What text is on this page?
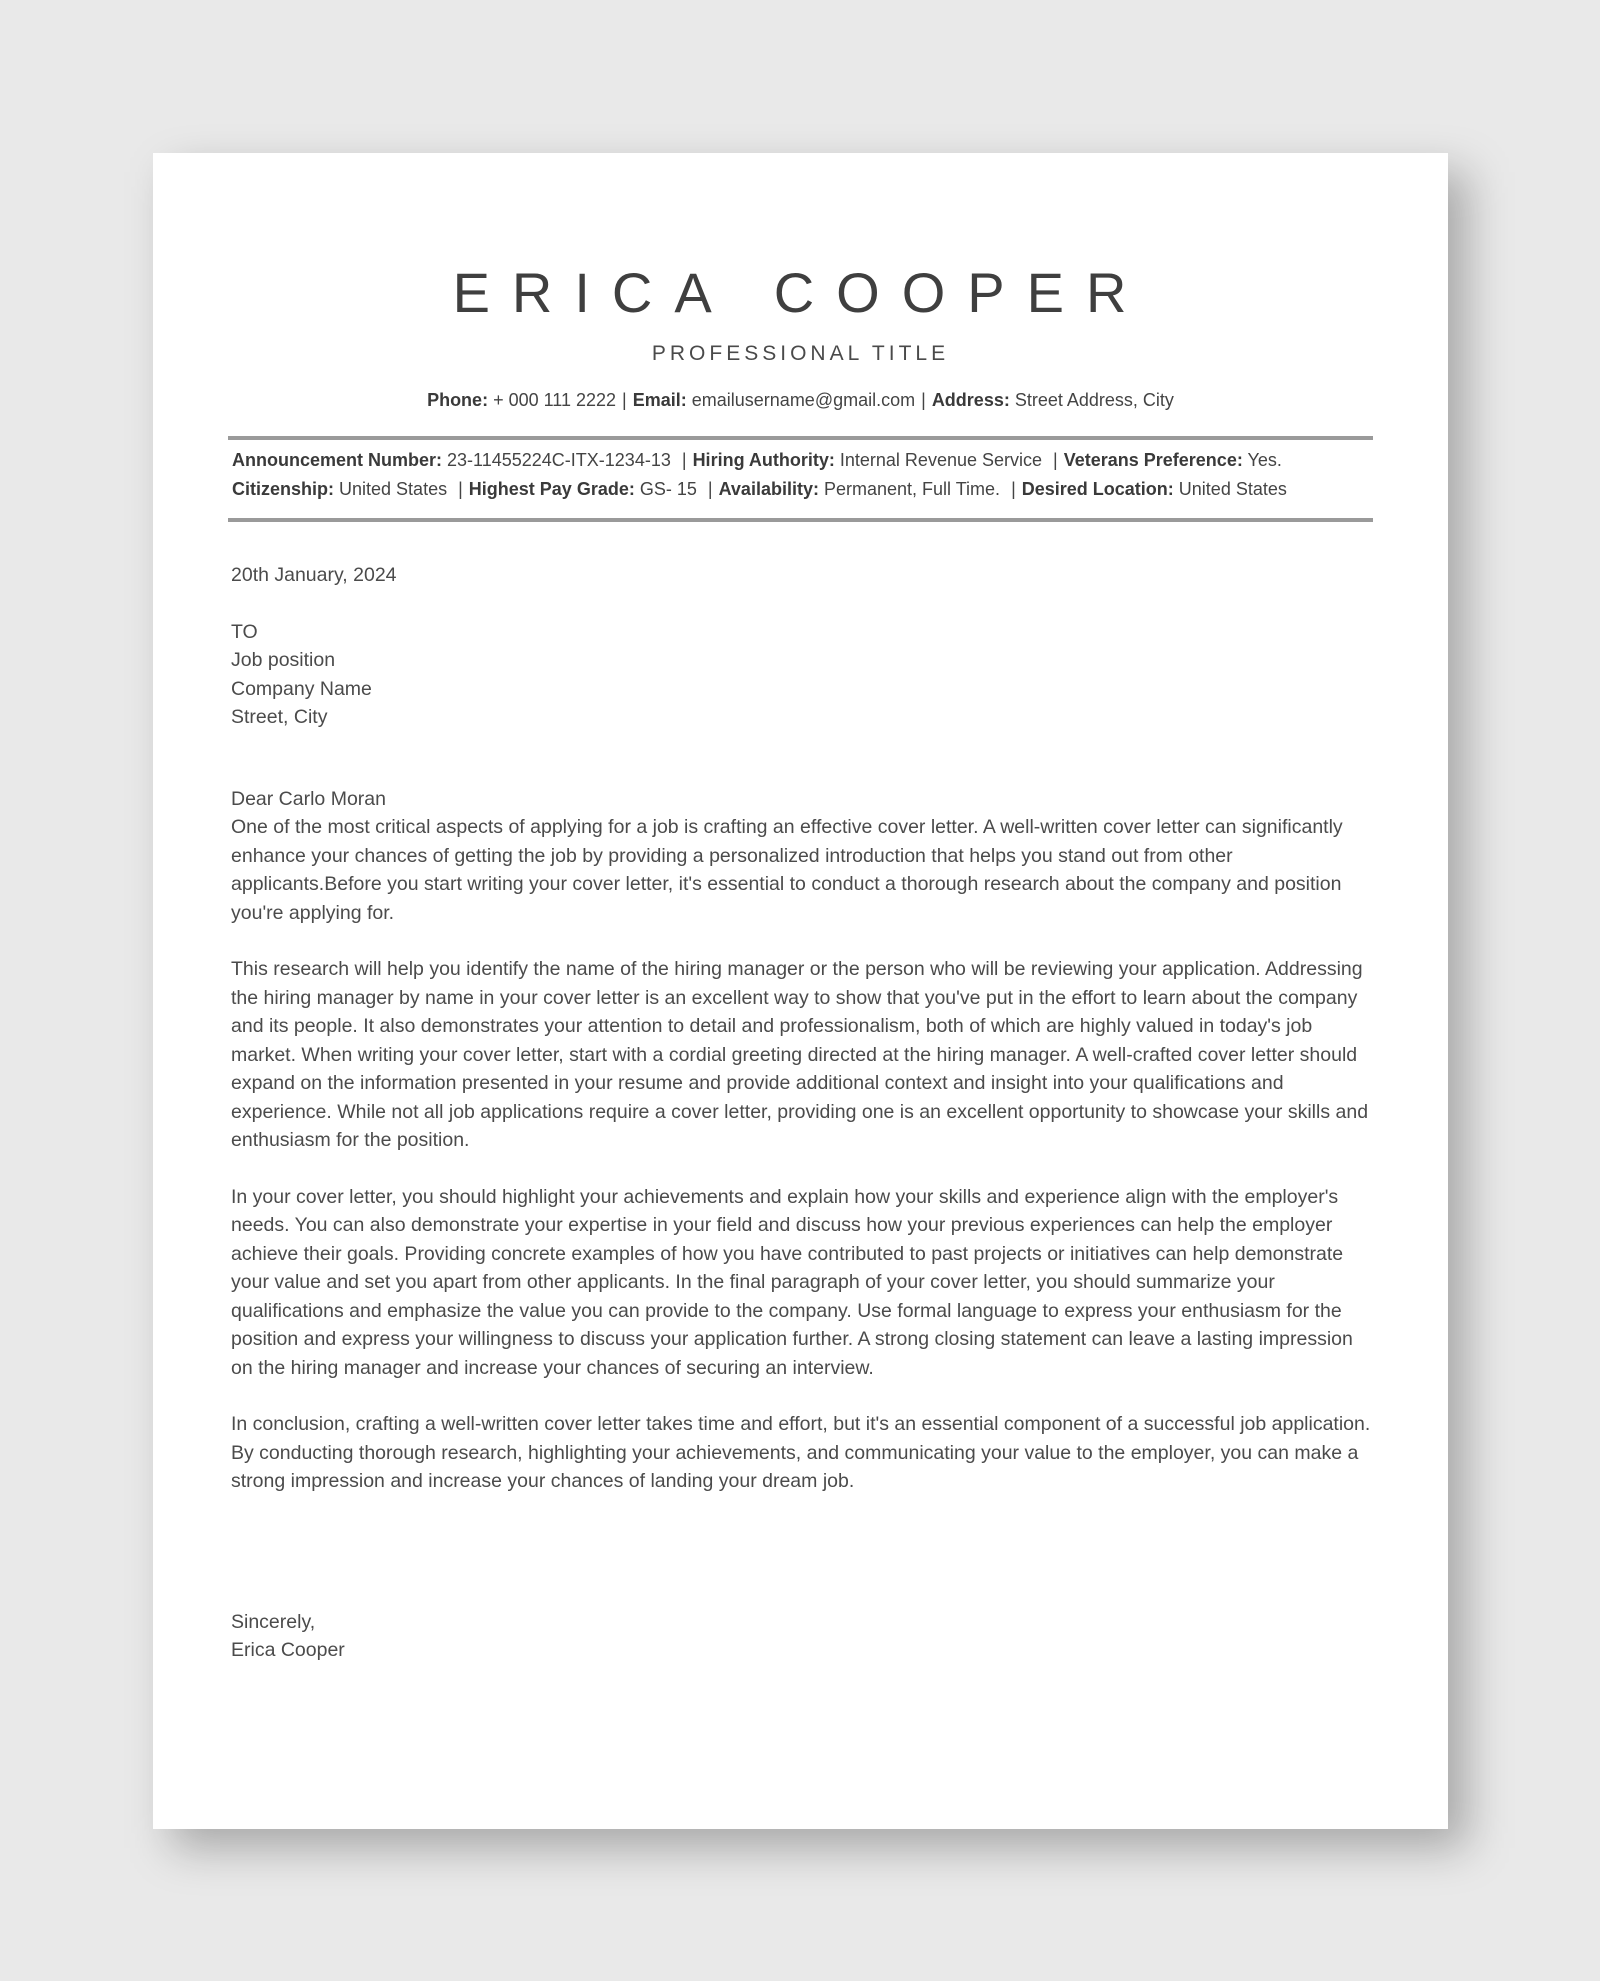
ERICA COOPER
PROFESSIONAL TITLE
Phone: + 000 111 2222 | Email: emailusername@gmail.com | Address: Street Address, City
Announcement Number: 23-11455224C-ITX-1234-13 | Hiring Authority: Internal Revenue Service | Veterans Preference: Yes.
Citizenship: United States | Highest Pay Grade: GS- 15 | Availability: Permanent, Full Time. | Desired Location: United States

20th January, 2024

TO

Job position

Company Name

Street, City

Dear Carlo Moran

One of the most critical aspects of applying for a job is crafting an effective cover letter. A well-written cover letter can significantly enhance your chances of getting the job by providing a personalized introduction that helps you stand out from other applicants.Before you start writing your cover letter, it's essential to conduct a thorough research about the company and position you're applying for.

This research will help you identify the name of the hiring manager or the person who will be reviewing your application. Addressing the hiring manager by name in your cover letter is an excellent way to show that you've put in the effort to learn about the company and its people. It also demonstrates your attention to detail and professionalism, both of which are highly valued in today's job market. When writing your cover letter, start with a cordial greeting directed at the hiring manager. A well-crafted cover letter should expand on the information presented in your resume and provide additional context and insight into your qualifications and experience. While not all job applications require a cover letter, providing one is an excellent opportunity to showcase your skills and enthusiasm for the position.

In your cover letter, you should highlight your achievements and explain how your skills and experience align with the employer's needs. You can also demonstrate your expertise in your field and discuss how your previous experiences can help the employer achieve their goals. Providing concrete examples of how you have contributed to past projects or initiatives can help demonstrate your value and set you apart from other applicants. In the final paragraph of your cover letter, you should summarize your qualifications and emphasize the value you can provide to the company. Use formal language to express your enthusiasm for the position and express your willingness to discuss your application further. A strong closing statement can leave a lasting impression on the hiring manager and increase your chances of securing an interview.

In conclusion, crafting a well-written cover letter takes time and effort, but it's an essential component of a successful job application. By conducting thorough research, highlighting your achievements, and communicating your value to the employer, you can make a strong impression and increase your chances of landing your dream job.

Sincerely,

Erica Cooper
